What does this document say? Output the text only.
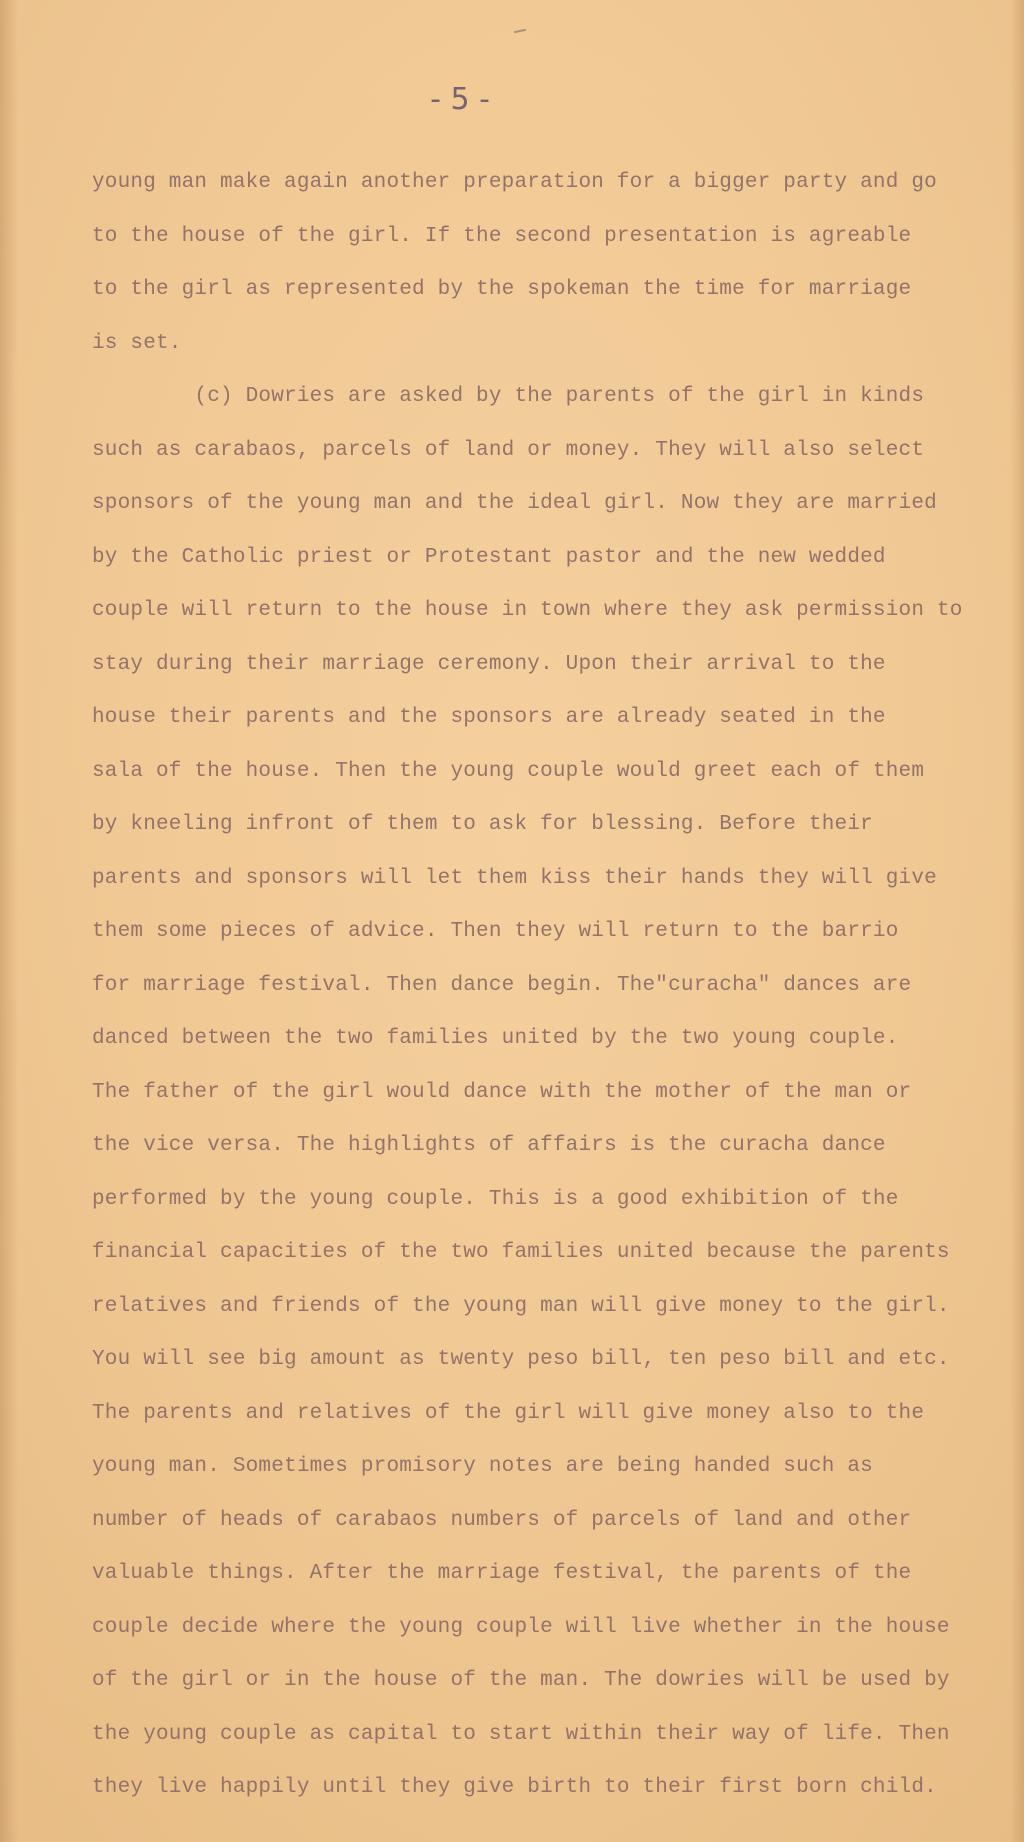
- 5 -
young man make again another preparation for a bigger party and go
to the house of the girl. If the second presentation is agreable
to the girl as represented by the spokeman the time for marriage
is set.
(c) Dowries are asked by the parents of the girl in kinds
such as carabaos, parcels of land or money. They will also select
sponsors of the young man and the ideal girl. Now they are married
by the Catholic priest or Protestant pastor and the new wedded
couple will return to the house in town where they ask permission to
stay during their marriage ceremony. Upon their arrival to the
house their parents and the sponsors are already seated in the
sala of the house. Then the young couple would greet each of them
by kneeling infront of them to ask for blessing. Before their
parents and sponsors will let them kiss their hands they will give
them some pieces of advice. Then they will return to the barrio
for marriage festival. Then dance begin. The"curacha" dances are
danced between the two families united by the two young couple.
The father of the girl would dance with the mother of the man or
the vice versa. The highlights of affairs is the curacha dance
performed by the young couple. This is a good exhibition of the
financial capacities of the two families united because the parents
relatives and friends of the young man will give money to the girl.
You will see big amount as twenty peso bill, ten peso bill and etc.
The parents and relatives of the girl will give money also to the
young man. Sometimes promisory notes are being handed such as
number of heads of carabaos numbers of parcels of land and other
valuable things. After the marriage festival, the parents of the
couple decide where the young couple will live whether in the house
of the girl or in the house of the man. The dowries will be used by
the young couple as capital to start within their way of life. Then
they live happily until they give birth to their first born child.
